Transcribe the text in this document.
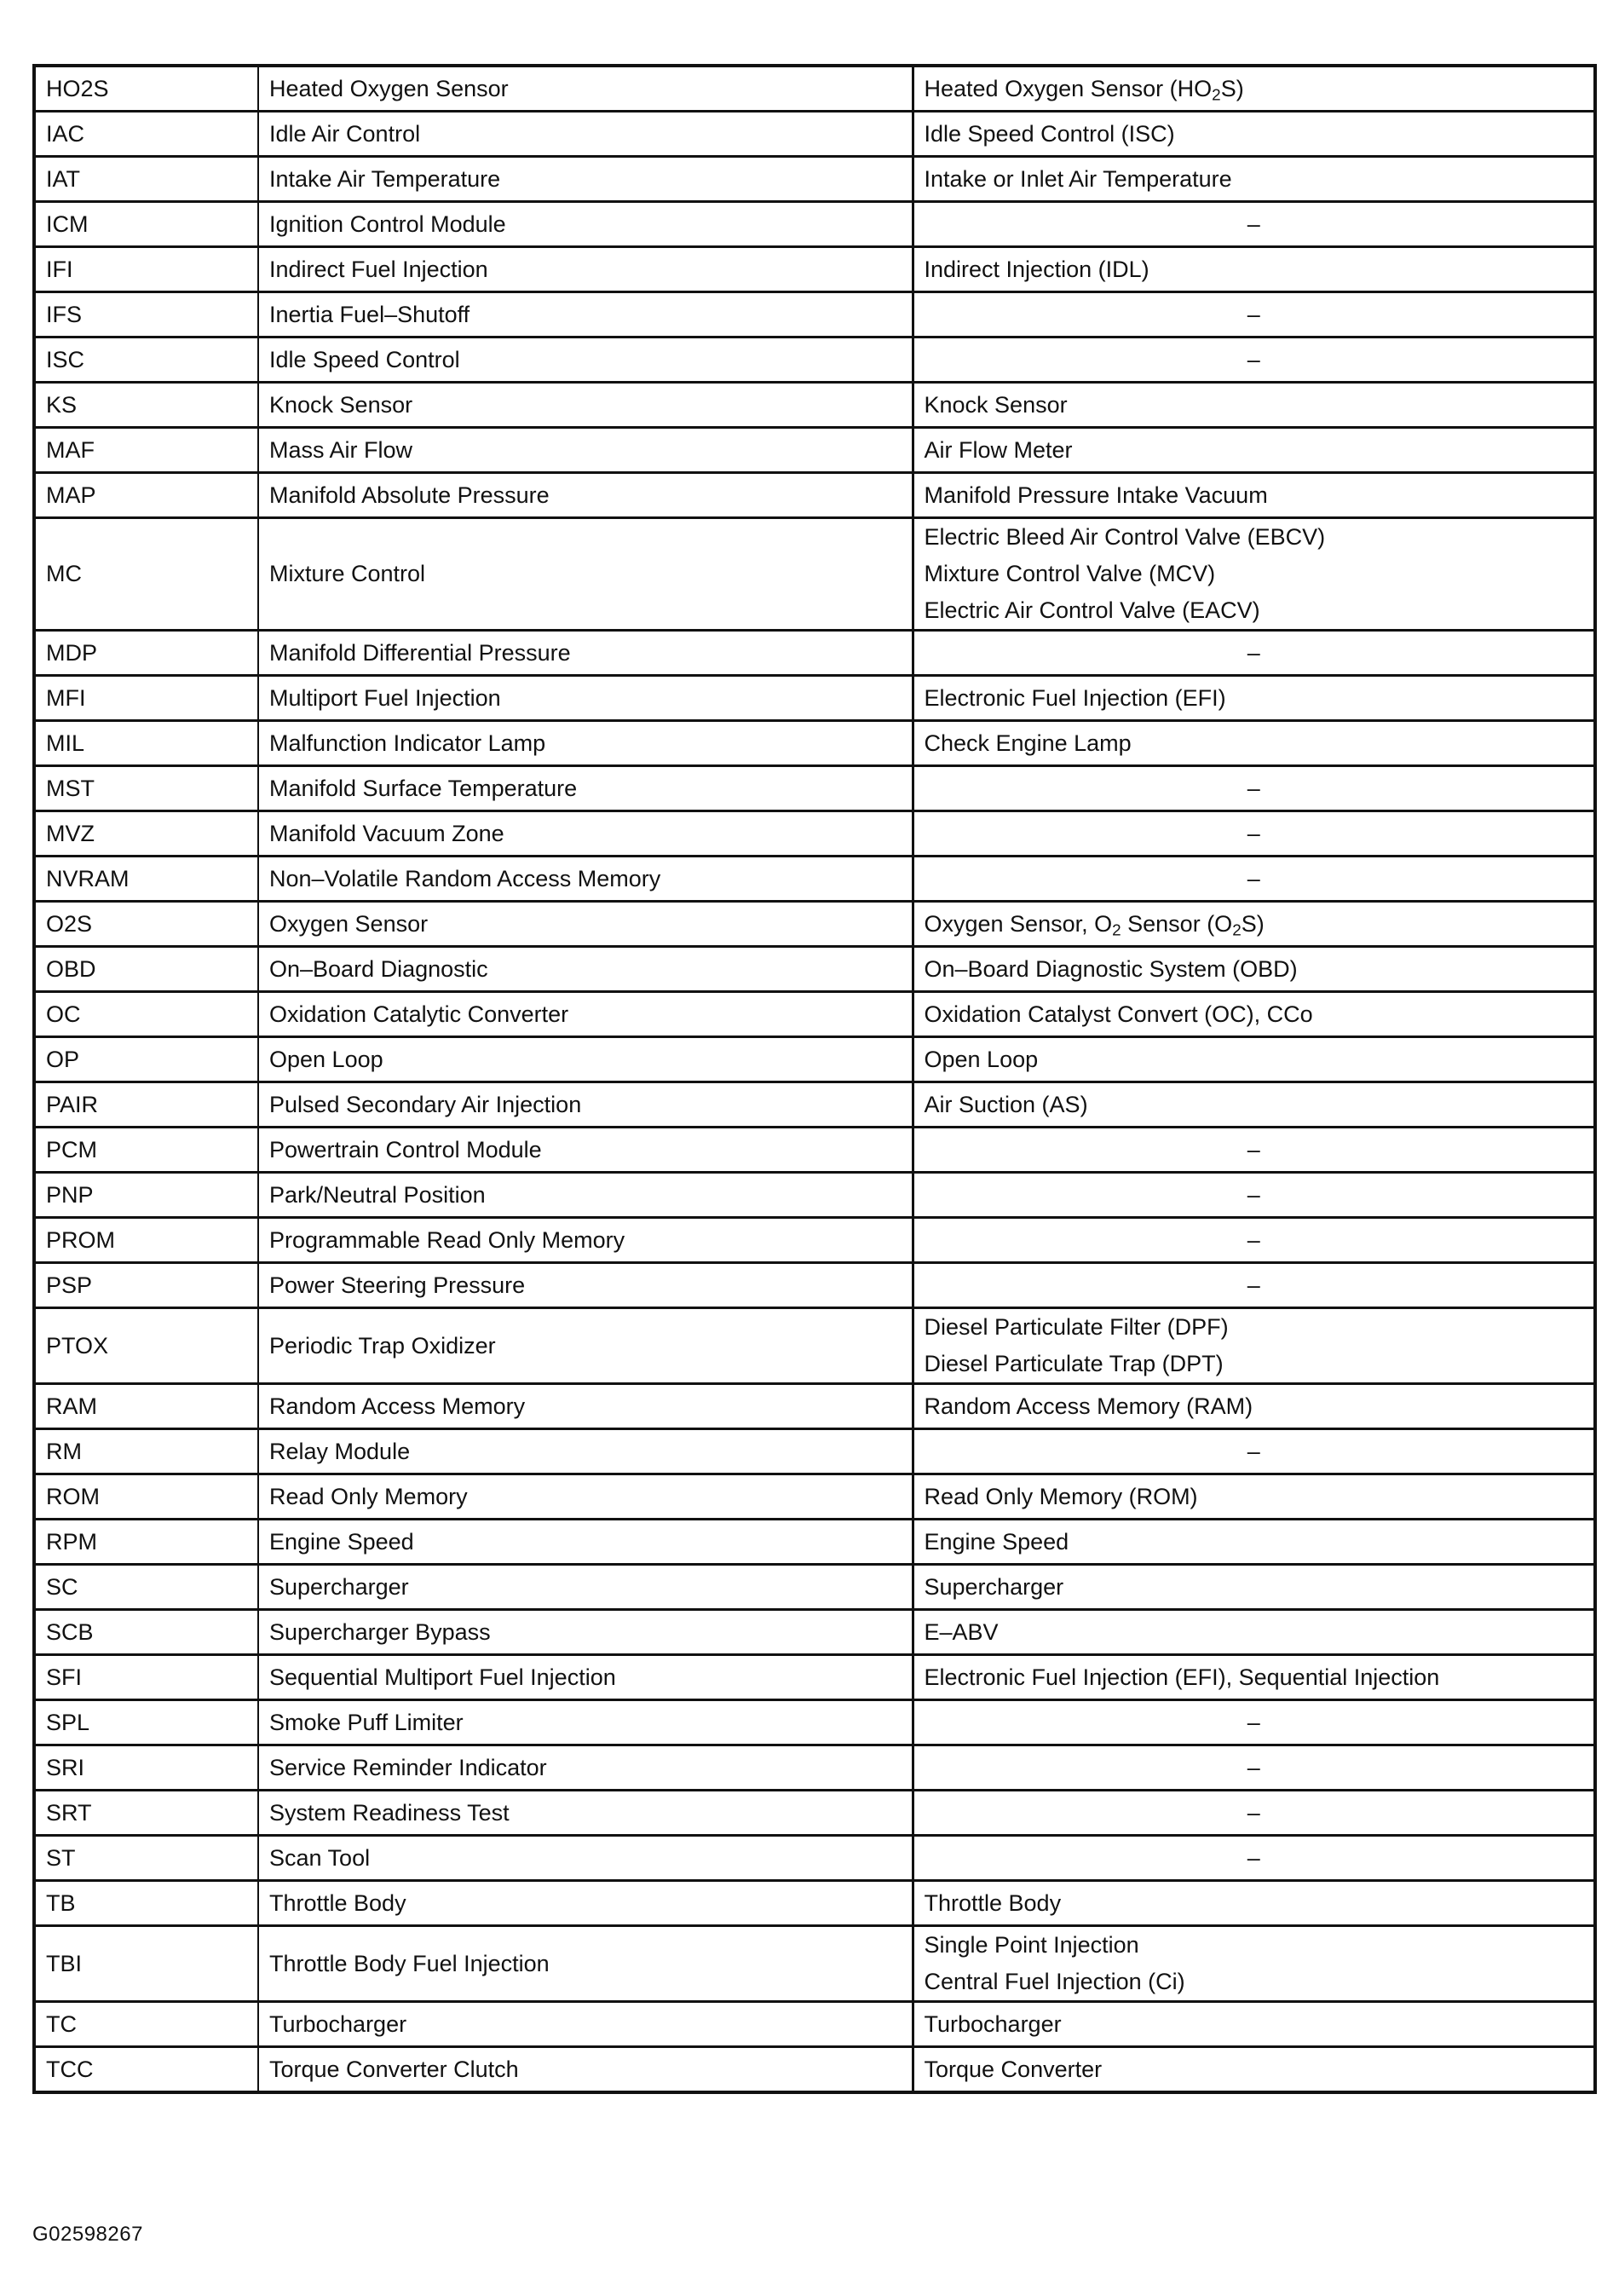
HO2S	Heated Oxygen Sensor	Heated Oxygen Sensor $(HO_2S)$

IAC	Idle Air Control	Idle Speed Control (ISC)

IAT	Intake Air Temperature	Intake or Inlet Air Temperature

ICM	Ignition Control Module	–

IFI	Indirect Fuel Injection	Indirect Injection (IDL)

IFS	Inertia Fuel–Shutoff	–

ISC	Idle Speed Control	–

KS	Knock Sensor	Knock Sensor

MAF	Mass Air Flow	Air Flow Meter

MAP	Manifold Absolute Pressure	Manifold Pressure Intake Vacuum

MC	Mixture Control	Electric Bleed Air Control Valve (EBCV)
Mixture Control Valve (MCV)
Electric Air Control Valve (EACV)

MDP	Manifold Differential Pressure	–

MFI	Multiport Fuel Injection	Electronic Fuel Injection (EFI)

MIL	Malfunction Indicator Lamp	Check Engine Lamp

MST	Manifold Surface Temperature	–

MVZ	Manifold Vacuum Zone	–

NVRAM	Non–Volatile Random Access Memory	–

O2S	Oxygen Sensor	Oxygen Sensor, $O_2$ Sensor $(O_2S)$

OBD	On–Board Diagnostic	On–Board Diagnostic System (OBD)

OC	Oxidation Catalytic Converter	Oxidation Catalyst Convert (OC), CCo

OP	Open Loop	Open Loop

PAIR	Pulsed Secondary Air Injection	Air Suction (AS)

PCM	Powertrain Control Module	–

PNP	Park/Neutral Position	–

PROM	Programmable Read Only Memory	–

PSP	Power Steering Pressure	–

PTOX	Periodic Trap Oxidizer	Diesel Particulate Filter (DPF)
Diesel Particulate Trap (DPT)

RAM	Random Access Memory	Random Access Memory (RAM)

RM	Relay Module	–

ROM	Read Only Memory	Read Only Memory (ROM)

RPM	Engine Speed	Engine Speed

SC	Supercharger	Supercharger

SCB	Supercharger Bypass	E–ABV

SFI	Sequential Multiport Fuel Injection	Electronic Fuel Injection (EFI), Sequential Injection

SPL	Smoke Puff Limiter	–

SRI	Service Reminder Indicator	–

SRT	System Readiness Test	–

ST	Scan Tool	–

TB	Throttle Body	Throttle Body

TBI	Throttle Body Fuel Injection	Single Point Injection
Central Fuel Injection (Ci)

TC	Turbocharger	Turbocharger

TCC	Torque Converter Clutch	Torque Converter
G02598267
